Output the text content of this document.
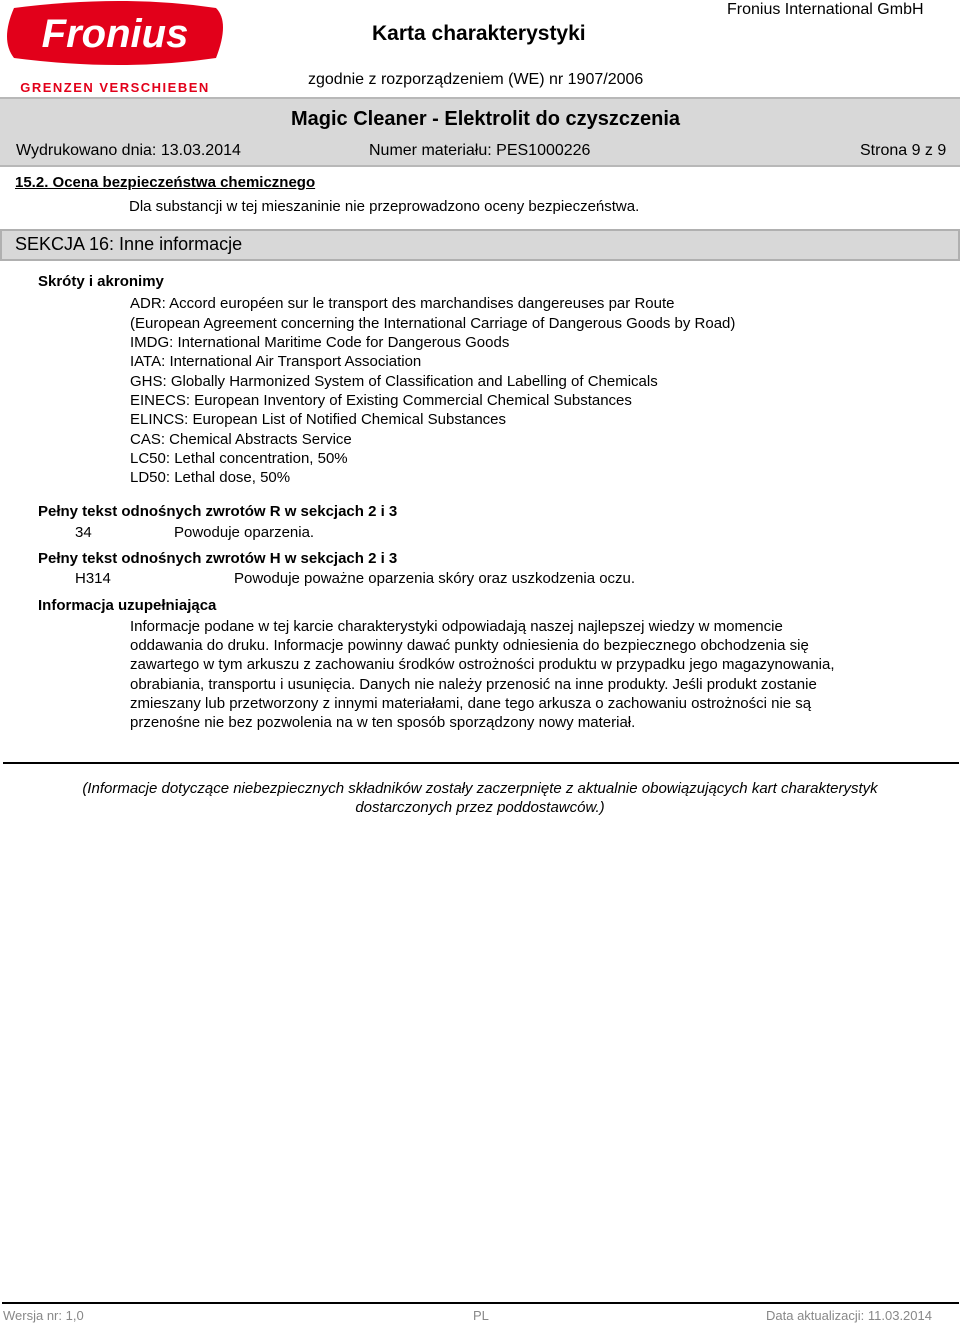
Fronius
GRENZEN VERSCHIEBEN
Karta charakterystyki
Fronius International GmbH
zgodnie z rozporządzeniem (WE) nr 1907/2006
Magic Cleaner - Elektrolit do czyszczenia
Wydrukowano dnia: 13.03.2014	Numer materiału: PES1000226	Strona 9 z 9
15.2. Ocena bezpieczeństwa chemicznego
Dla substancji w tej mieszaninie nie przeprowadzono oceny bezpieczeństwa.
SEKCJA 16: Inne informacje
Skróty i akronimy
ADR: Accord européen sur le transport des marchandises dangereuses par Route
(European Agreement concerning the International Carriage of Dangerous Goods by Road)
IMDG: International Maritime Code for Dangerous Goods
IATA: International Air Transport Association
GHS: Globally Harmonized System of Classification and Labelling of Chemicals
EINECS: European Inventory of Existing Commercial Chemical Substances
ELINCS: European List of Notified Chemical Substances
CAS: Chemical Abstracts Service
LC50: Lethal concentration, 50%
LD50: Lethal dose, 50%
Pełny tekst odnośnych zwrotów R w sekcjach 2 i 3
34	Powoduje oparzenia.
Pełny tekst odnośnych zwrotów H w sekcjach 2 i 3
H314	Powoduje poważne oparzenia skóry oraz uszkodzenia oczu.
Informacja uzupełniająca
Informacje podane w tej karcie charakterystyki odpowiadają naszej najlepszej wiedzy w momencie
oddawania do druku. Informacje powinny dawać punkty odniesienia do bezpiecznego obchodzenia się
zawartego w tym arkuszu z zachowaniu środków ostrożności produktu w przypadku jego magazynowania,
obrabiania, transportu i usunięcia. Danych nie należy przenosić na inne produkty. Jeśli produkt zostanie
zmieszany lub przetworzony z innymi materiałami, dane tego arkusza o zachowaniu ostrożności nie są
przenośne nie bez pozwolenia na w ten sposób sporządzony nowy materiał.
(Informacje dotyczące niebezpiecznych składników zostały zaczerpnięte z aktualnie obowiązujących kart charakterystyk
dostarczonych przez poddostawców.)
Wersja nr: 1,0	PL	Data aktualizacji: 11.03.2014
